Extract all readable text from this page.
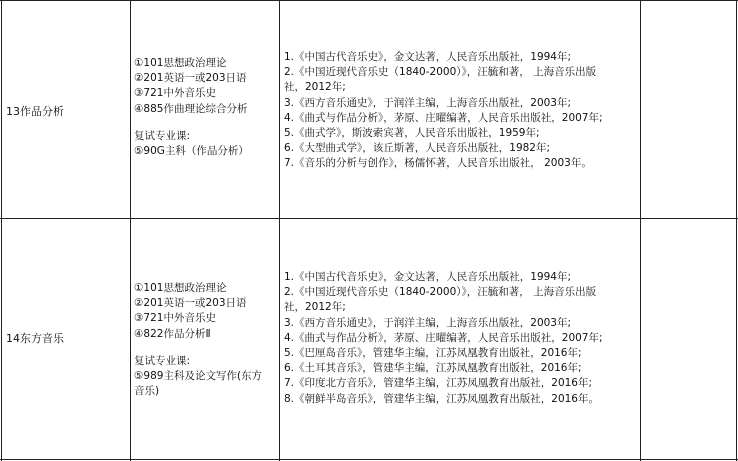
13作品分析
①101思想政治理论
②201英语一或203日语
③721中外音乐史
④885作曲理论综合分析
复试专业课:
⑤90G主科（作品分析）
1.《中国古代音乐史》，金文达著，人民音乐出版社，1994年;
2.《中国近现代音乐史（1840-2000）》，汪毓和著， 上海音乐出版
社，2012年;
3.《西方音乐通史》，于润洋主编，上海音乐出版社，2003年;
4.《曲式与作品分析》，茅原、庄曜编著，人民音乐出版社，2007年;
5.《曲式学》，斯波索宾著，人民音乐出版社，1959年;
6.《大型曲式学》，该丘斯著，人民音乐出版社，1982年;
7.《音乐的分析与创作》，杨儒怀著，人民音乐出版社， 2003年。
14东方音乐
①101思想政治理论
②201英语一或203日语
③721中外音乐史
④822作品分析Ⅱ
复试专业课:
⑤989主科及论文写作(东方
音乐)
1.《中国古代音乐史》，金文达著，人民音乐出版社，1994年;
2.《中国近现代音乐史（1840-2000）》，汪毓和著， 上海音乐出版
社，2012年;
3.《西方音乐通史》，于润洋主编，上海音乐出版社，2003年;
4.《曲式与作品分析》，茅原、庄曜编著，人民音乐出版社，2007年;
5.《巴厘岛音乐》，管建华主编，江苏凤凰教育出版社，2016年;
6.《土耳其音乐》，管建华主编，江苏凤凰教育出版社，2016年;
7.《印度北方音乐》，管建华主编，江苏凤凰教育出版社，2016年;
8.《朝鲜半岛音乐》，管建华主编，江苏凤凰教育出版社，2016年。
